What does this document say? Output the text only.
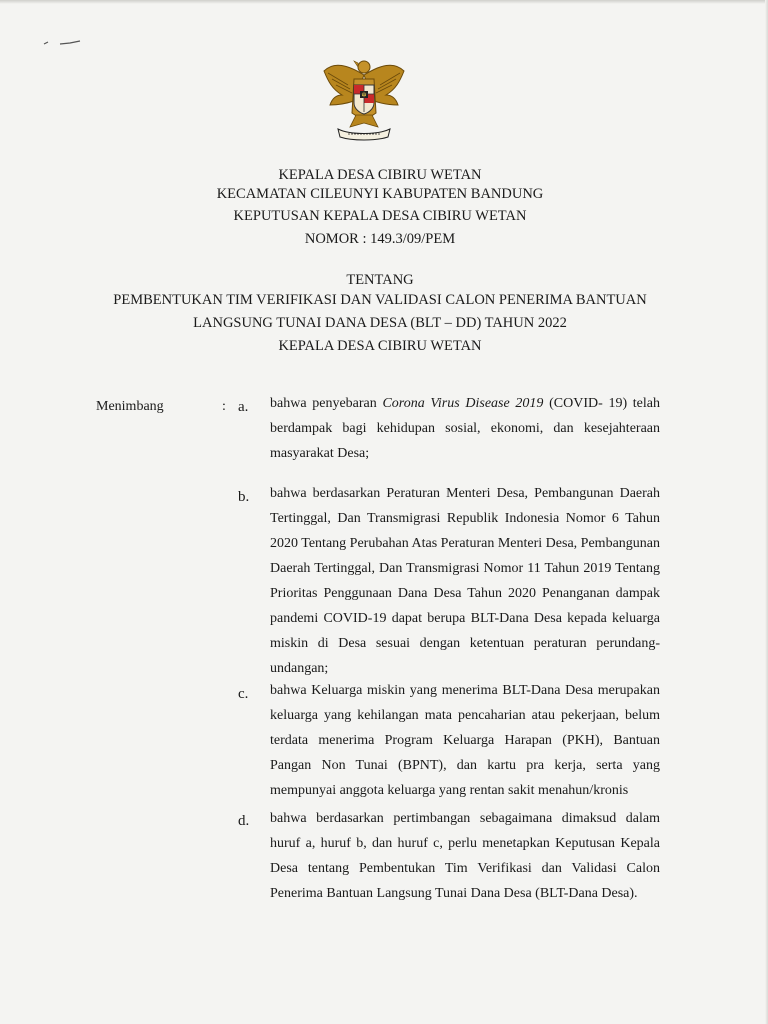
KEPALA DESA CIBIRU WETAN
KECAMATAN CILEUNYI KABUPATEN BANDUNG
KEPUTUSAN KEPALA DESA CIBIRU WETAN
NOMOR : 149.3/09/PEM
TENTANG
PEMBENTUKAN TIM VERIFIKASI DAN VALIDASI CALON PENERIMA BANTUAN
LANGSUNG TUNAI DANA DESA (BLT – DD) TAHUN 2022
KEPALA DESA CIBIRU WETAN
Menimbang	: a. bahwa penyebaran Corona Virus Disease 2019 (COVID- 19) telah berdampak bagi kehidupan sosial, ekonomi, dan kesejahteraan masyarakat Desa;
b. bahwa berdasarkan Peraturan Menteri Desa, Pembangunan Daerah Tertinggal, Dan Transmigrasi Republik Indonesia Nomor 6 Tahun 2020 Tentang Perubahan Atas Peraturan Menteri Desa, Pembangunan Daerah Tertinggal, Dan Transmigrasi Nomor 11 Tahun 2019 Tentang Prioritas Penggunaan Dana Desa Tahun 2020 Penanganan dampak pandemi COVID-19 dapat berupa BLT-Dana Desa kepada keluarga miskin di Desa sesuai dengan ketentuan peraturan perundang-undangan;
c. bahwa Keluarga miskin yang menerima BLT-Dana Desa merupakan keluarga yang kehilangan mata pencaharian atau pekerjaan, belum terdata menerima Program Keluarga Harapan (PKH), Bantuan Pangan Non Tunai (BPNT), dan kartu pra kerja, serta yang mempunyai anggota keluarga yang rentan sakit menahun/kronis
d. bahwa berdasarkan pertimbangan sebagaimana dimaksud dalam huruf a, huruf b, dan huruf c, perlu menetapkan Keputusan Kepala Desa tentang Pembentukan Tim Verifikasi dan Validasi Calon Penerima Bantuan Langsung Tunai Dana Desa (BLT-Dana Desa).
